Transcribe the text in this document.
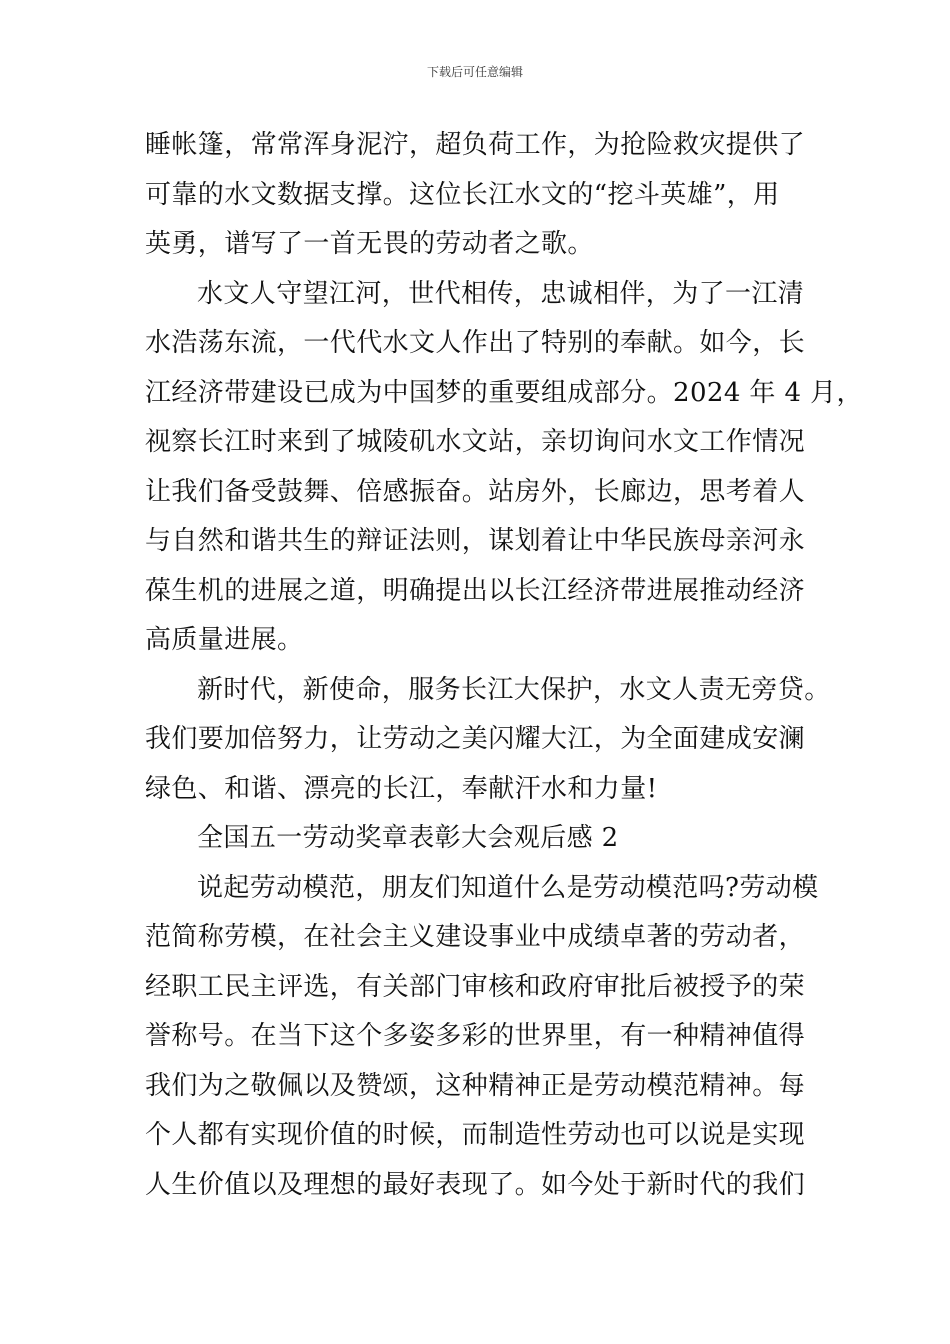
下载后可任意编辑
睡帐篷，常常浑身泥泞，超负荷工作，为抢险救灾提供了
可靠的水文数据支撑。这位长江水文的“挖斗英雄”，用
英勇，谱写了一首无畏的劳动者之歌。
水文人守望江河，世代相传，忠诚相伴，为了一江清
水浩荡东流，一代代水文人作出了特别的奉献。如今，长
江经济带建设已成为中国梦的重要组成部分。2024 年 4 月，
视察长江时来到了城陵矶水文站，亲切询问水文工作情况
让我们备受鼓舞、倍感振奋。站房外，长廊边，思考着人
与自然和谐共生的辩证法则，谋划着让中华民族母亲河永
葆生机的进展之道，明确提出以长江经济带进展推动经济
高质量进展。
新时代，新使命，服务长江大保护，水文人责无旁贷。
我们要加倍努力，让劳动之美闪耀大江，为全面建成安澜
绿色、和谐、漂亮的长江，奉献汗水和力量!
全国五一劳动奖章表彰大会观后感 2
说起劳动模范，朋友们知道什么是劳动模范吗?劳动模
范简称劳模，在社会主义建设事业中成绩卓著的劳动者，
经职工民主评选，有关部门审核和政府审批后被授予的荣
誉称号。在当下这个多姿多彩的世界里，有一种精神值得
我们为之敬佩以及赞颂，这种精神正是劳动模范精神。每
个人都有实现价值的时候，而制造性劳动也可以说是实现
人生价值以及理想的最好表现了。如今处于新时代的我们
